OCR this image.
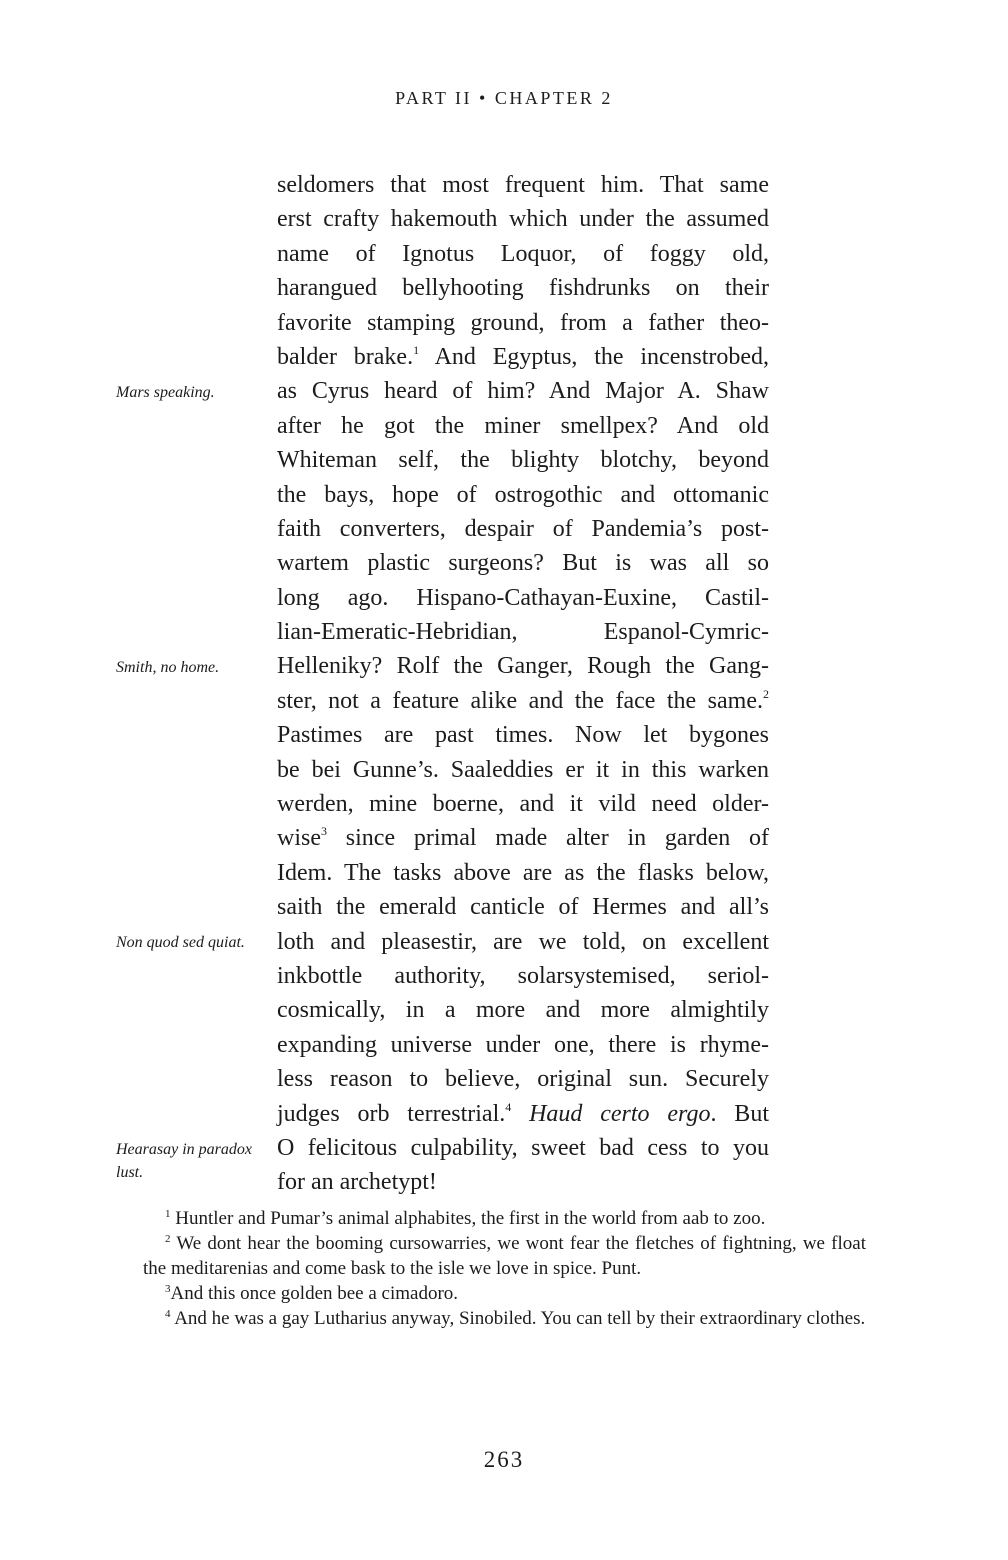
PART II • CHAPTER 2
Mars speaking.
Smith, no home.
Non quod sed quiat.
Hearasay in paradox lust.
seldomers that most frequent him. That same
erst crafty hakemouth which under the assumed
name of Ignotus Loquor, of foggy old,
harangued bellyhooting fishdrunks on their
favorite stamping ground, from a father theo-
balder brake.$^1$ And Egyptus, the incenstrobed,
as Cyrus heard of him? And Major A. Shaw
after he got the miner smellpex? And old
Whiteman self, the blighty blotchy, beyond
the bays, hope of ostrogothic and ottomanic
faith converters, despair of Pandemia’s post-
wartem plastic surgeons? But is was all so
long ago. Hispano-Cathayan-Euxine, Castil-
lian-Emeratic-Hebridian, Espanol-Cymric-
Helleniky? Rolf the Ganger, Rough the Gang-
ster, not a feature alike and the face the same.$^2$
Pastimes are past times. Now let bygones
be bei Gunne’s. Saaleddies er it in this warken
werden, mine boerne, and it vild need older-
wise$^3$ since primal made alter in garden of
Idem. The tasks above are as the flasks below,
saith the emerald canticle of Hermes and all’s
loth and pleasestir, are we told, on excellent
inkbottle authority, solarsystemised, seriol-
cosmically, in a more and more almightily
expanding universe under one, there is rhyme-
less reason to believe, original sun. Securely
judges orb terrestrial.$^4$ Haud certo ergo. But
O felicitous culpability, sweet bad cess to you
for an archetypt!

$^1$ Huntler and Pumar’s animal alphabites, the first in the world from aab to zoo.

$^2$ We dont hear the booming cursowarries, we wont fear the fletches of fightning, we float the meditarenias and come bask to the isle we love in spice. Punt.

$^3$And this once golden bee a cimadoro.

$^4$ And he was a gay Lutharius anyway, Sinobiled. You can tell by their extraordinary clothes.

263
